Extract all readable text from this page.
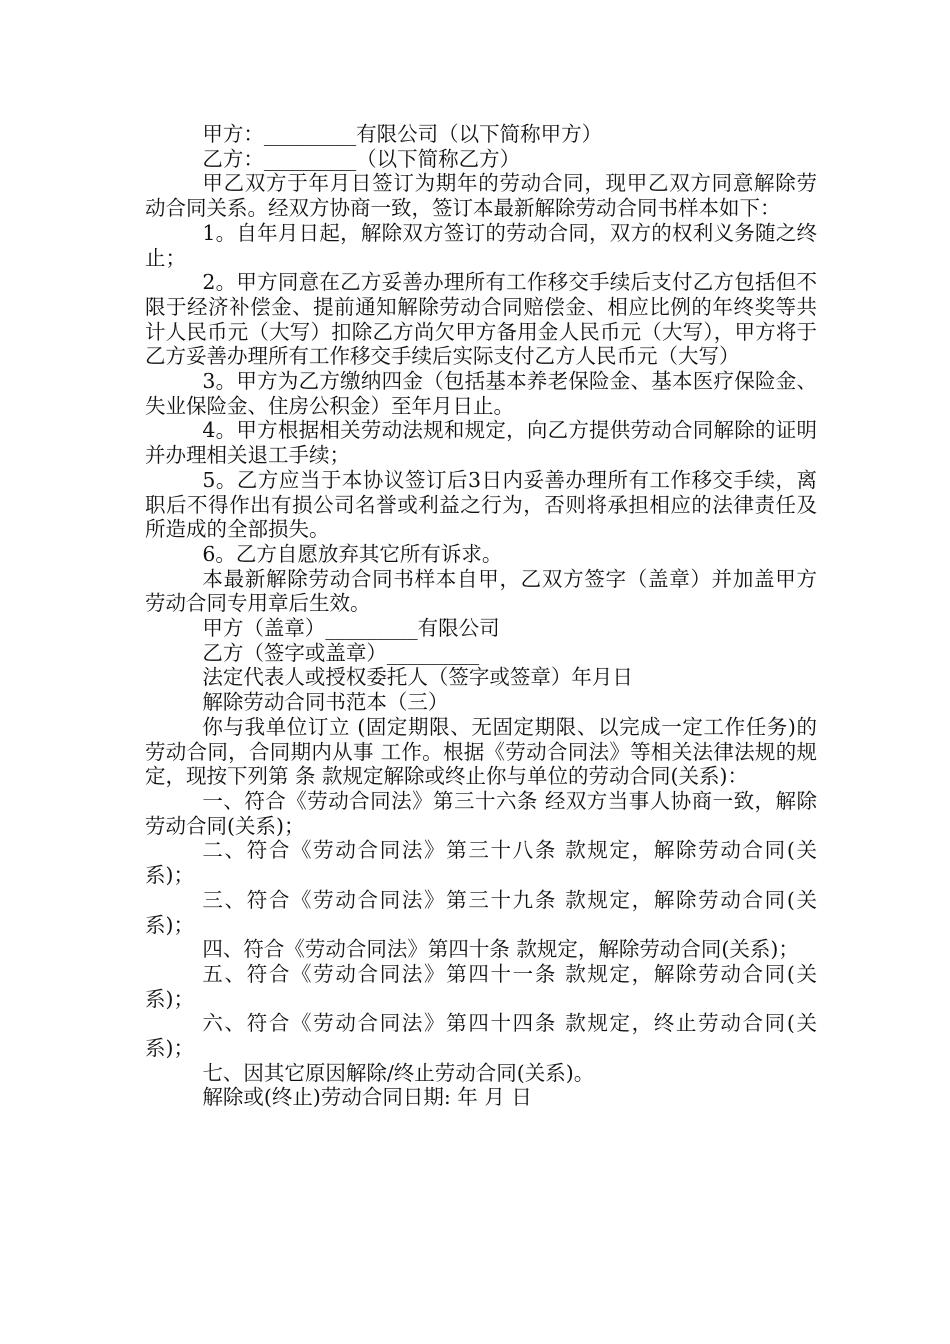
甲方：_________有限公司（以下简称甲方）

乙方：_________（以下简称乙方）

甲乙双方于年月日签订为期年的劳动合同，现甲乙双方同意解除劳动合同关系。经双方协商一致，签订本最新解除劳动合同书样本如下：

1。自年月日起，解除双方签订的劳动合同，双方的权利义务随之终止；

2。甲方同意在乙方妥善办理所有工作移交手续后支付乙方包括但不限于经济补偿金、提前通知解除劳动合同赔偿金、相应比例的年终奖等共计人民币元（大写）扣除乙方尚欠甲方备用金人民币元（大写），甲方将于乙方妥善办理所有工作移交手续后实际支付乙方人民币元（大写）

3。甲方为乙方缴纳四金（包括基本养老保险金、基本医疗保险金、失业保险金、住房公积金）至年月日止。

4。甲方根据相关劳动法规和规定，向乙方提供劳动合同解除的证明并办理相关退工手续；

5。乙方应当于本协议签订后3日内妥善办理所有工作移交手续，离职后不得作出有损公司名誉或利益之行为，否则将承担相应的法律责任及所造成的全部损失。

6。乙方自愿放弃其它所有诉求。

本最新解除劳动合同书样本自甲，乙双方签字（盖章）并加盖甲方劳动合同专用章后生效。

甲方（盖章）_________有限公司

乙方（签字或盖章）_________

法定代表人或授权委托人（签字或签章）年月日

解除劳动合同书范本（三）

你与我单位订立 (固定期限、无固定期限、以完成一定工作任务)的劳动合同，合同期内从事 工作。根据《劳动合同法》等相关法律法规的规定，现按下列第 条 款规定解除或终止你与单位的劳动合同(关系)：

一、符合《劳动合同法》第三十六条 经双方当事人协商一致，解除劳动合同(关系)；

二、符合《劳动合同法》第三十八条 款规定，解除劳动合同(关系)；

三、符合《劳动合同法》第三十九条 款规定，解除劳动合同(关系)；

四、符合《劳动合同法》第四十条 款规定，解除劳动合同(关系)；

五、符合《劳动合同法》第四十一条 款规定，解除劳动合同(关系)；

六、符合《劳动合同法》第四十四条 款规定，终止劳动合同(关系)；

七、因其它原因解除/终止劳动合同(关系)。

解除或(终止)劳动合同日期: 年 月 日
